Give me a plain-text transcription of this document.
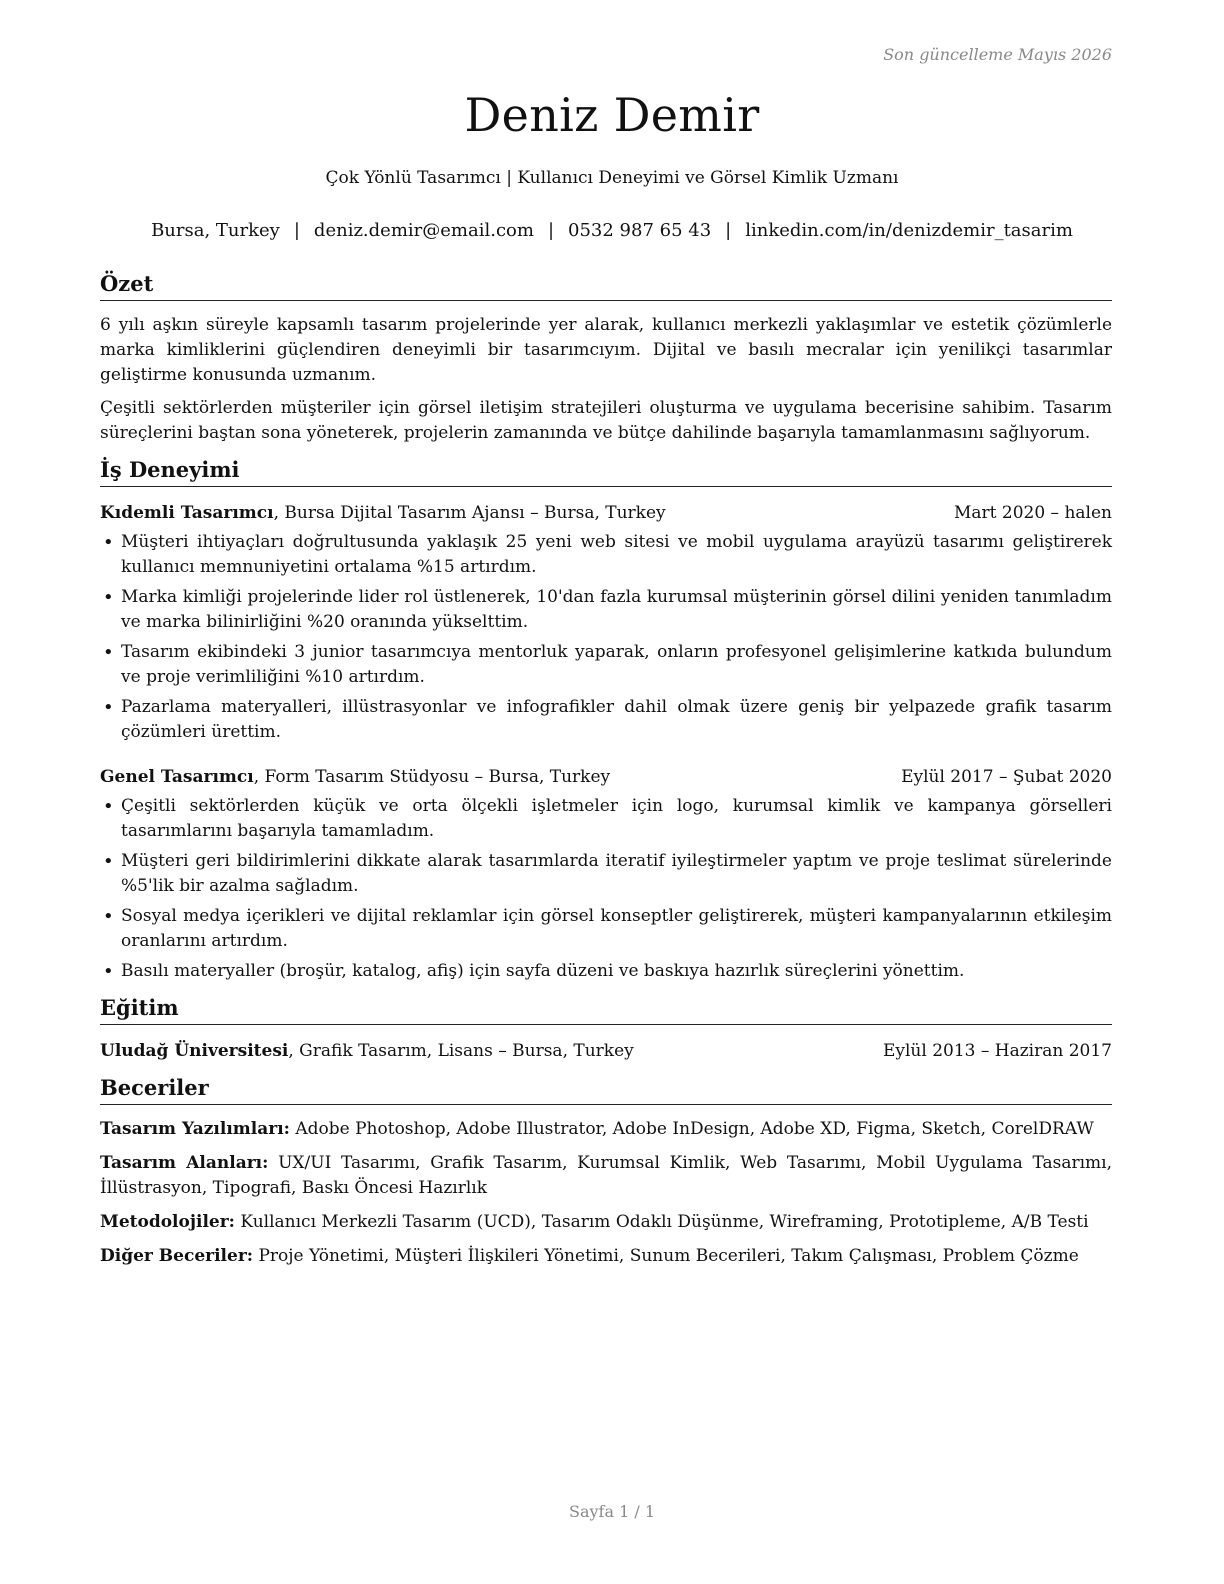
Son güncelleme Mayıs 2026
Deniz Demir
Çok Yönlü Tasarımcı | Kullanıcı Deneyimi ve Görsel Kimlik Uzmanı
Bursa, Turkey | deniz.demir@email.com | 0532 987 65 43 | linkedin.com/in/denizdemir_tasarim
Özet

6 yılı aşkın süreyle kapsamlı tasarım projelerinde yer alarak, kullanıcı merkezli yaklaşımlar ve estetik çözümlerle marka kimliklerini güçlendiren deneyimli bir tasarımcıyım. Dijital ve basılı mecralar için yenilikçi tasarımlar geliştirme konusunda uzmanım.

Çeşitli sektörlerden müşteriler için görsel iletişim stratejileri oluşturma ve uygulama becerisine sahibim. Tasarım süreçlerini baştan sona yöneterek, projelerin zamanında ve bütçe dahilinde başarıyla tamamlanmasını sağlıyorum.

İş Deneyimi
Kıdemli Tasarımcı, Bursa Dijital Tasarım Ajansı – Bursa, Turkey	Mart 2020 – halen
• Müşteri ihtiyaçları doğrultusunda yaklaşık 25 yeni web sitesi ve mobil uygulama arayüzü tasarımı geliştirerek kullanıcı memnuniyetini ortalama %15 artırdım.
• Marka kimliği projelerinde lider rol üstlenerek, 10'dan fazla kurumsal müşterinin görsel dilini yeniden tanımladım ve marka bilinirliğini %20 oranında yükselttim.
• Tasarım ekibindeki 3 junior tasarımcıya mentorluk yaparak, onların profesyonel gelişimlerine katkıda bulundum ve proje verimliliğini %10 artırdım.
• Pazarlama materyalleri, illüstrasyonlar ve infografikler dahil olmak üzere geniş bir yelpazede grafik tasarım çözümleri ürettim.
Genel Tasarımcı, Form Tasarım Stüdyosu – Bursa, Turkey	Eylül 2017 – Şubat 2020
• Çeşitli sektörlerden küçük ve orta ölçekli işletmeler için logo, kurumsal kimlik ve kampanya görselleri tasarımlarını başarıyla tamamladım.
• Müşteri geri bildirimlerini dikkate alarak tasarımlarda iteratif iyileştirmeler yaptım ve proje teslimat sürelerinde %5'lik bir azalma sağladım.
• Sosyal medya içerikleri ve dijital reklamlar için görsel konseptler geliştirerek, müşteri kampanyalarının etkileşim oranlarını artırdım.
• Basılı materyaller (broşür, katalog, afiş) için sayfa düzeni ve baskıya hazırlık süreçlerini yönettim.
Eğitim
Uludağ Üniversitesi, Grafik Tasarım, Lisans – Bursa, Turkey	Eylül 2013 – Haziran 2017
Beceriler
Tasarım Yazılımları: Adobe Photoshop, Adobe Illustrator, Adobe InDesign, Adobe XD, Figma, Sketch, CorelDRAW
Tasarım Alanları: UX/UI Tasarımı, Grafik Tasarım, Kurumsal Kimlik, Web Tasarımı, Mobil Uygulama Tasarımı, İllüstrasyon, Tipografi, Baskı Öncesi Hazırlık
Metodolojiler: Kullanıcı Merkezli Tasarım (UCD), Tasarım Odaklı Düşünme, Wireframing, Prototipleme, A/B Testi
Diğer Beceriler: Proje Yönetimi, Müşteri İlişkileri Yönetimi, Sunum Becerileri, Takım Çalışması, Problem Çözme
Sayfa 1 / 1
